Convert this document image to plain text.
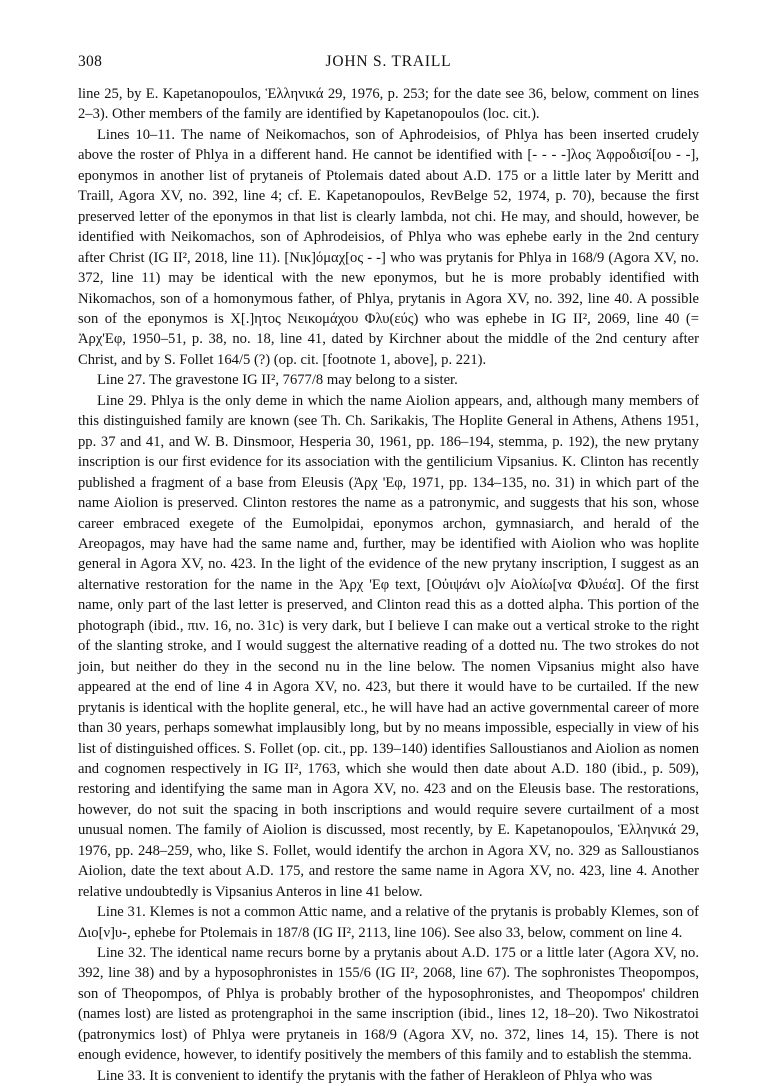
308	JOHN S. TRAILL

line 25, by E. Kapetanopoulos, Ἑλληνικά 29, 1976, p. 253; for the date see 36, below, comment on lines 2–3). Other members of the family are identified by Kapetanopoulos (loc. cit.).

Lines 10–11. The name of Neikomachos, son of Aphrodeisios, of Phlya has been inserted crudely above the roster of Phlya in a different hand. He cannot be identified with [- - - -]λος Ἀφροδισί[ου - -], eponymos in another list of prytaneis of Ptolemais dated about A.D. 175 or a little later by Meritt and Traill, Agora XV, no. 392, line 4; cf. E. Kapetanopoulos, RevBelge 52, 1974, p. 70), because the first preserved letter of the eponymos in that list is clearly lambda, not chi. He may, and should, however, be identified with Neikomachos, son of Aphrodeisios, of Phlya who was ephebe early in the 2nd century after Christ (IG II², 2018, line 11). [Νικ]όμαχ[ος - -] who was prytanis for Phlya in 168/9 (Agora XV, no. 372, line 11) may be identical with the new eponymos, but he is more probably identified with Nikomachos, son of a homonymous father, of Phlya, prytanis in Agora XV, no. 392, line 40. A possible son of the eponymos is X[.]ητος Νεικομάχου Φλυ(εύς) who was ephebe in IG II², 2069, line 40 (= Ἀρχ'Εφ, 1950–51, p. 38, no. 18, line 41, dated by Kirchner about the middle of the 2nd century after Christ, and by S. Follet 164/5 (?) (op. cit. [footnote 1, above], p. 221).

Line 27. The gravestone IG II², 7677/8 may belong to a sister.

Line 29. Phlya is the only deme in which the name Aiolion appears, and, although many members of this distinguished family are known (see Th. Ch. Sarikakis, The Hoplite General in Athens, Athens 1951, pp. 37 and 41, and W. B. Dinsmoor, Hesperia 30, 1961, pp. 186–194, stemma, p. 192), the new prytany inscription is our first evidence for its association with the gentilicium Vipsanius. K. Clinton has recently published a fragment of a base from Eleusis (Ἀρχ 'Εφ, 1971, pp. 134–135, no. 31) in which part of the name Aiolion is preserved. Clinton restores the name as a patronymic, and suggests that his son, whose career embraced exegete of the Eumolpidai, eponymos archon, gymnasiarch, and herald of the Areopagos, may have had the same name and, further, may be identified with Aiolion who was hoplite general in Agora XV, no. 423. In the light of the evidence of the new prytany inscription, I suggest as an alternative restoration for the name in the Ἀρχ 'Εφ text, [Οὐιψάνι ο]ν Αἰολίω[να Φλυέα]. Of the first name, only part of the last letter is preserved, and Clinton read this as a dotted alpha. This portion of the photograph (ibid., πιν. 16, no. 31c) is very dark, but I believe I can make out a vertical stroke to the right of the slanting stroke, and I would suggest the alternative reading of a dotted nu. The two strokes do not join, but neither do they in the second nu in the line below. The nomen Vipsanius might also have appeared at the end of line 4 in Agora XV, no. 423, but there it would have to be curtailed. If the new prytanis is identical with the hoplite general, etc., he will have had an active governmental career of more than 30 years, perhaps somewhat implausibly long, but by no means impossible, especially in view of his list of distinguished offices. S. Follet (op. cit., pp. 139–140) identifies Salloustianos and Aiolion as nomen and cognomen respectively in IG II², 1763, which she would then date about A.D. 180 (ibid., p. 509), restoring and identifying the same man in Agora XV, no. 423 and on the Eleusis base. The restorations, however, do not suit the spacing in both inscriptions and would require severe curtailment of a most unusual nomen. The family of Aiolion is discussed, most recently, by E. Kapetanopoulos, Ἑλληνικά 29, 1976, pp. 248–259, who, like S. Follet, would identify the archon in Agora XV, no. 329 as Salloustianos Aiolion, date the text about A.D. 175, and restore the same name in Agora XV, no. 423, line 4. Another relative undoubtedly is Vipsanius Anteros in line 41 below.

Line 31. Klemes is not a common Attic name, and a relative of the prytanis is probably Klemes, son of Διο[ν]υ-, ephebe for Ptolemais in 187/8 (IG II², 2113, line 106). See also 33, below, comment on line 4.

Line 32. The identical name recurs borne by a prytanis about A.D. 175 or a little later (Agora XV, no. 392, line 38) and by a hyposophronistes in 155/6 (IG II², 2068, line 67). The sophronistes Theopompos, son of Theopompos, of Phlya is probably brother of the hyposophronistes, and Theopompos' children (names lost) are listed as protengraphoi in the same inscription (ibid., lines 12, 18–20). Two Nikostratoi (patronymics lost) of Phlya were prytaneis in 168/9 (Agora XV, no. 372, lines 14, 15). There is not enough evidence, however, to identify positively the members of this family and to establish the stemma.

Line 33. It is convenient to identify the prytanis with the father of Herakleon of Phlya who was
